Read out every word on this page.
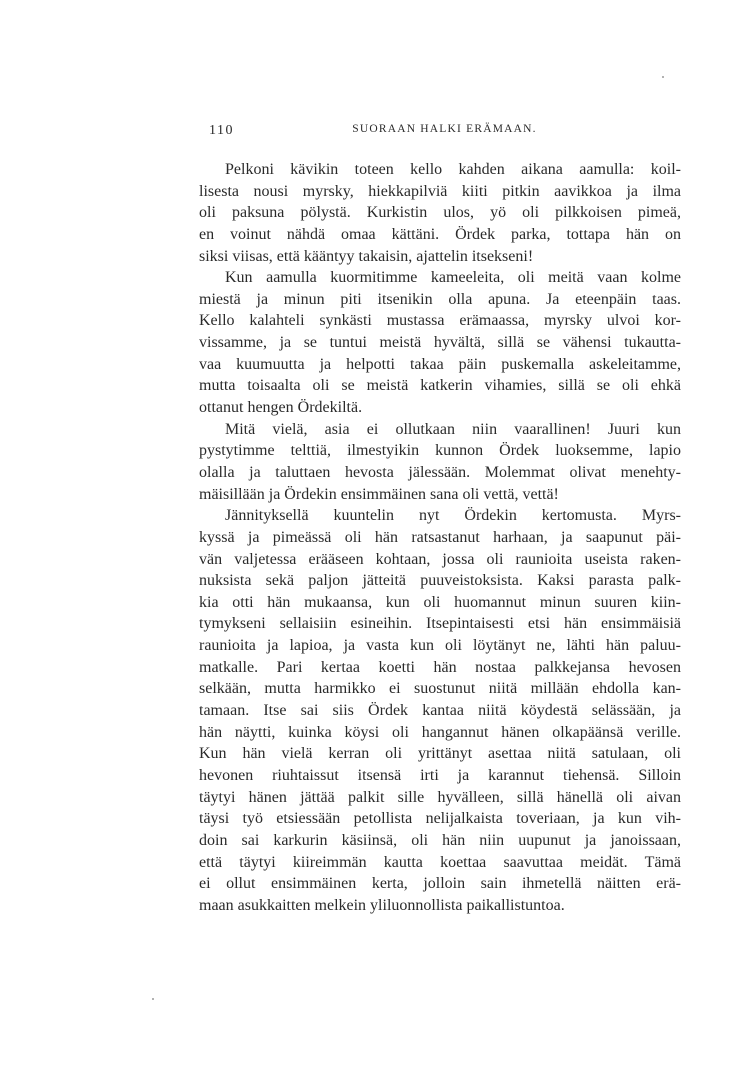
110	SUORAAN HALKI ERÄMAAN.
Pelkoni kävikin toteen kello kahden aikana aamulla: koil-
lisesta nousi myrsky, hiekkapilviä kiiti pitkin aavikkoa ja ilma
oli paksuna pölystä. Kurkistin ulos, yö oli pilkkoisen pimeä,
en voinut nähdä omaa kättäni. Ördek parka, tottapa hän on
siksi viisas, että kääntyy takaisin, ajattelin itsekseni!
Kun aamulla kuormitimme kameeleita, oli meitä vaan kolme
miestä ja minun piti itsenikin olla apuna. Ja eteenpäin taas.
Kello kalahteli synkästi mustassa erämaassa, myrsky ulvoi kor-
vissamme, ja se tuntui meistä hyvältä, sillä se vähensi tukautta-
vaa kuumuutta ja helpotti takaa päin puskemalla askeleitamme,
mutta toisaalta oli se meistä katkerin vihamies, sillä se oli ehkä
ottanut hengen Ördekiltä.
Mitä vielä, asia ei ollutkaan niin vaarallinen! Juuri kun
pystytimme telttiä, ilmestyikin kunnon Ördek luoksemme, lapio
olalla ja taluttaen hevosta jälessään. Molemmat olivat menehty-
mäisillään ja Ördekin ensimmäinen sana oli vettä, vettä!
Jännityksellä kuuntelin nyt Ördekin kertomusta. Myrs-
kyssä ja pimeässä oli hän ratsastanut harhaan, ja saapunut päi-
vän valjetessa erääseen kohtaan, jossa oli raunioita useista raken-
nuksista sekä paljon jätteitä puuveistoksista. Kaksi parasta palk-
kia otti hän mukaansa, kun oli huomannut minun suuren kiin-
tymykseni sellaisiin esineihin. Itsepintaisesti etsi hän ensimmäisiä
raunioita ja lapioa, ja vasta kun oli löytänyt ne, lähti hän paluu-
matkalle. Pari kertaa koetti hän nostaa palkkejansa hevosen
selkään, mutta harmikko ei suostunut niitä millään ehdolla kan-
tamaan. Itse sai siis Ördek kantaa niitä köydestä selässään, ja
hän näytti, kuinka köysi oli hangannut hänen olkapäänsä verille.
Kun hän vielä kerran oli yrittänyt asettaa niitä satulaan, oli
hevonen riuhtaissut itsensä irti ja karannut tiehensä. Silloin
täytyi hänen jättää palkit sille hyvälleen, sillä hänellä oli aivan
täysi työ etsiessään petollista nelijalkaista toveriaan, ja kun vih-
doin sai karkurin käsiinsä, oli hän niin uupunut ja janoissaan,
että täytyi kiireimmän kautta koettaa saavuttaa meidät. Tämä
ei ollut ensimmäinen kerta, jolloin sain ihmetellä näitten erä-
maan asukkaitten melkein yliluonnollista paikallistuntoa.
